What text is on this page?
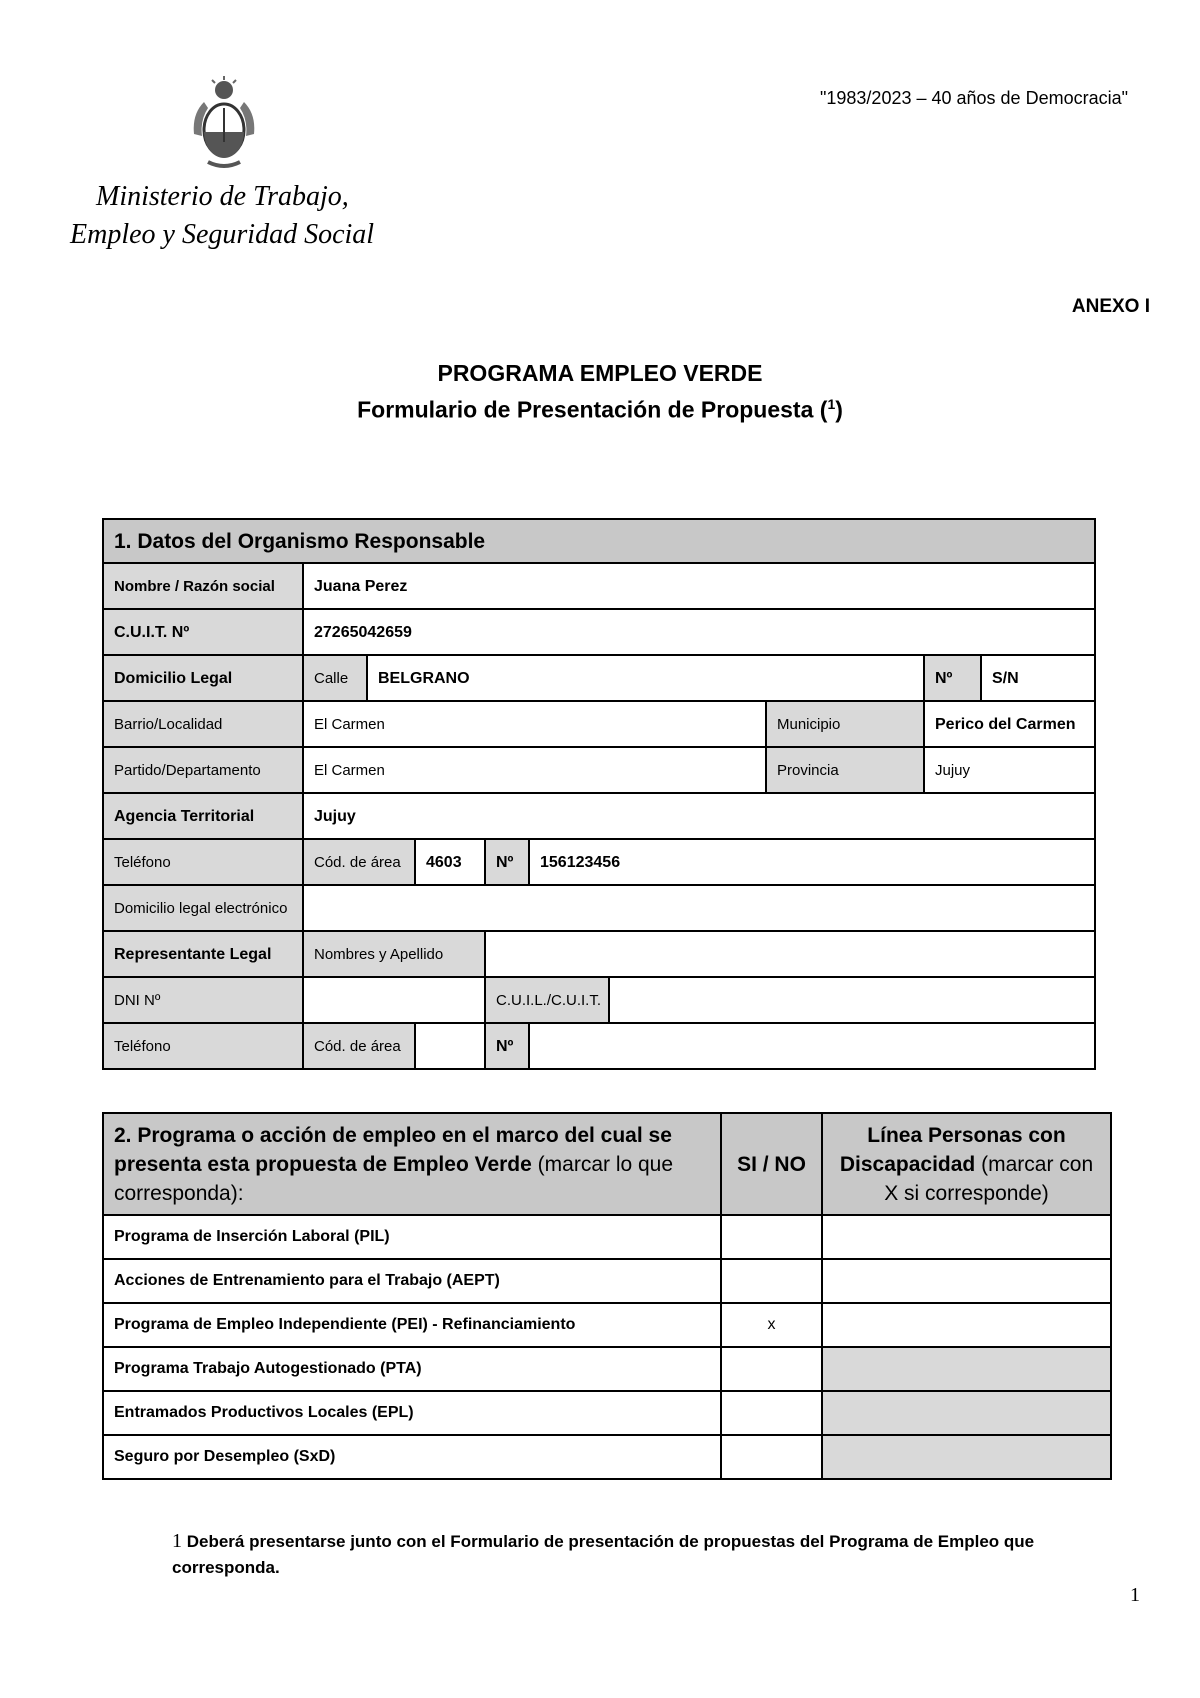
"1983/2023 – 40 años de Democracia"
Ministerio de Trabajo,
Empleo y Seguridad Social
ANEXO I
PROGRAMA EMPLEO VERDE
Formulario de Presentación de Propuesta ($^1$)
1. Datos del Organismo Responsable									
Nombre / Razón social	Juana Perez								
C.U.I.T. Nº	27265042659								
Domicilio Legal	Calle	BELGRANO						Nº	S/N
Barrio/Localidad	El Carmen						Municipio	Perico del Carmen	
Partido/Departamento	El Carmen						Provincia	Jujuy	
Agencia Territorial	Jujuy								
Teléfono	Cód. de área		4603	Nº	156123456				
Domicilio legal electrónico									
Representante Legal	Nombres y Apellido								
DNI Nº				C.U.I.L./C.U.I.T.					
Teléfono	Cód. de área			Nº					
2. Programa o acción de empleo en el marco del cual se presenta esta propuesta de Empleo Verde (marcar lo que corresponda):	SI / NO	Línea Personas con Discapacidad (marcar con X si corresponde)
Programa de Inserción Laboral (PIL)		
Acciones de Entrenamiento para el Trabajo (AEPT)		
Programa de Empleo Independiente (PEI) - Refinanciamiento	x	
Programa Trabajo Autogestionado (PTA)		
Entramados Productivos Locales (EPL)		
Seguro por Desempleo (SxD)		
1 Deberá presentarse junto con el Formulario de presentación de propuestas del Programa de Empleo que corresponda.
1
